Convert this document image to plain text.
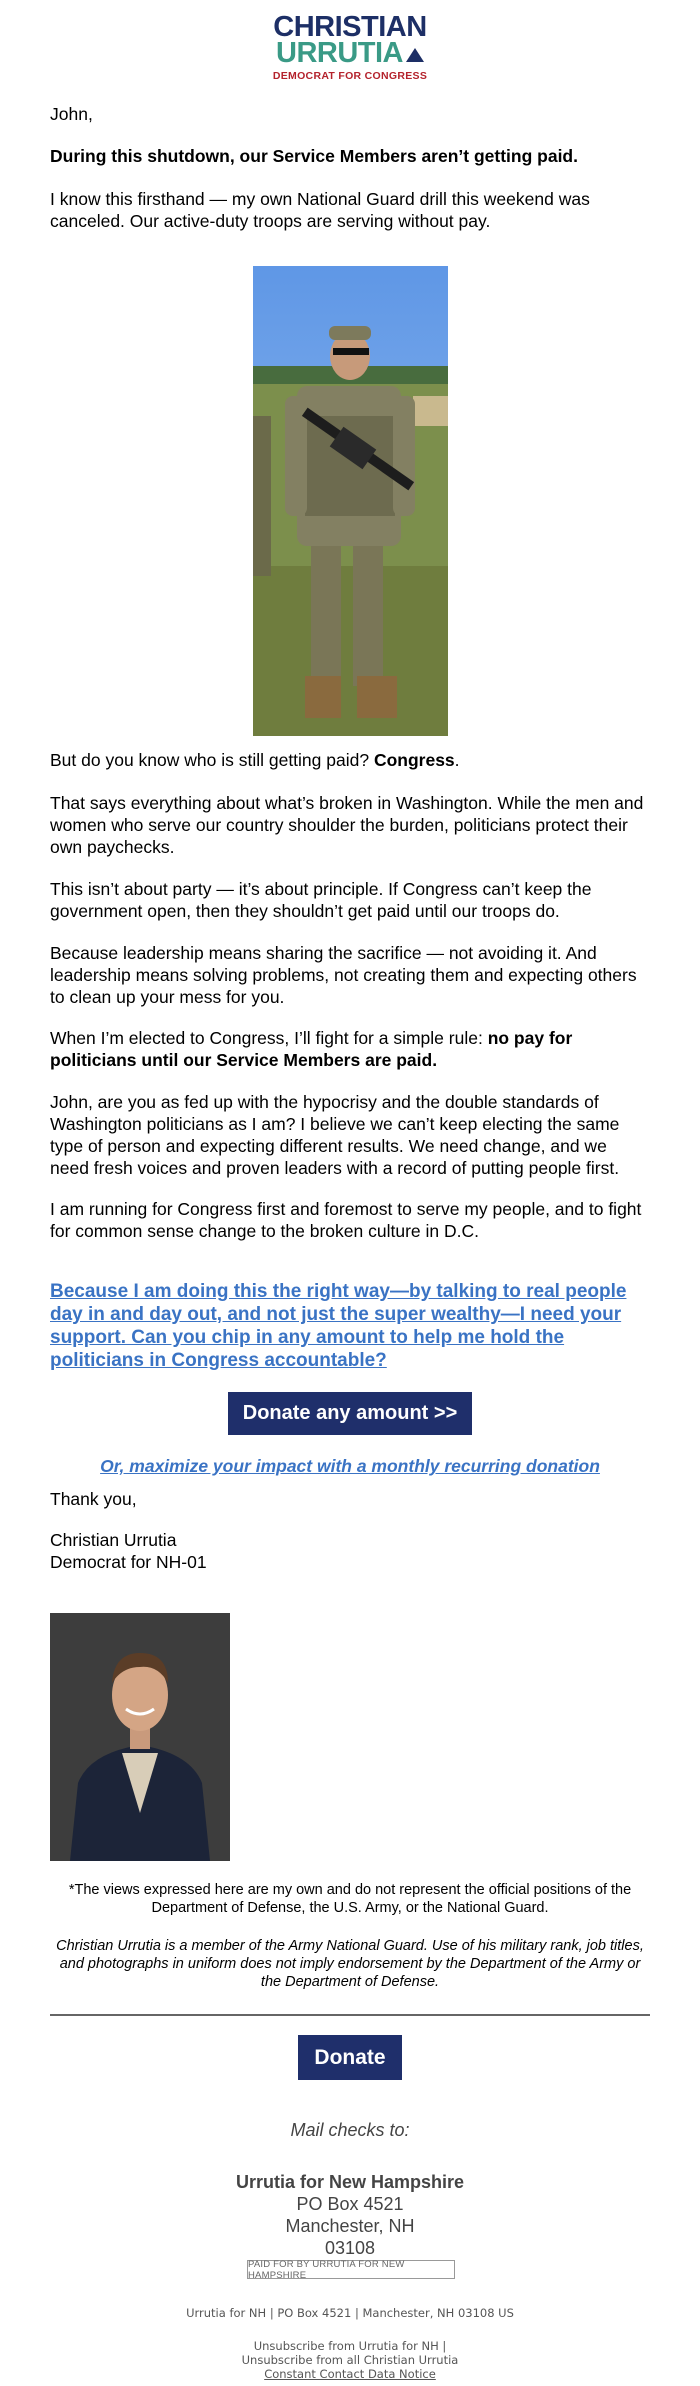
CHRISTIAN
URRUTIA
DEMOCRAT FOR CONGRESS

John,

During this shutdown, our Service Members aren’t getting paid.

I know this firsthand — my own National Guard drill this weekend was canceled. Our active-duty troops are serving without pay.

But do you know who is still getting paid? Congress.

That says everything about what’s broken in Washington. While the men and women who serve our country shoulder the burden, politicians protect their own paychecks.

This isn’t about party — it’s about principle. If Congress can’t keep the government open, then they shouldn’t get paid until our troops do.

Because leadership means sharing the sacrifice — not avoiding it. And leadership means solving problems, not creating them and expecting others to clean up your mess for you.

When I’m elected to Congress, I’ll fight for a simple rule: no pay for politicians until our Service Members are paid.

John, are you as fed up with the hypocrisy and the double standards of Washington politicians as I am? I believe we can’t keep electing the same type of person and expecting different results. We need change, and we need fresh voices and proven leaders with a record of putting people first.

I am running for Congress first and foremost to serve my people, and to fight for common sense change to the broken culture in D.C.

Because I am doing this the right way—by talking to real people day in and day out, and not just the super wealthy—I need your support. Can you chip in any amount to help me hold the politicians in Congress accountable?
Donate any amount >>
Or, maximize your impact with a monthly recurring donation

Thank you,

Christian Urrutia

Democrat for NH-01

*The views expressed here are my own and do not represent the official positions of the Department of Defense, the U.S. Army, or the National Guard.

Christian Urrutia is a member of the Army National Guard. Use of his military rank, job titles, and photographs in uniform does not imply endorsement by the Department of the Army or the Department of Defense.

Donate

Mail checks to:

Urrutia for New Hampshire

PO Box 4521

Manchester, NH

03108

PAID FOR BY URRUTIA FOR NEW HAMPSHIRE

Urrutia for NH | PO Box 4521 | Manchester, NH 03108 US

Unsubscribe from Urrutia for NH |

Unsubscribe from all Christian Urrutia

Constant Contact Data Notice
